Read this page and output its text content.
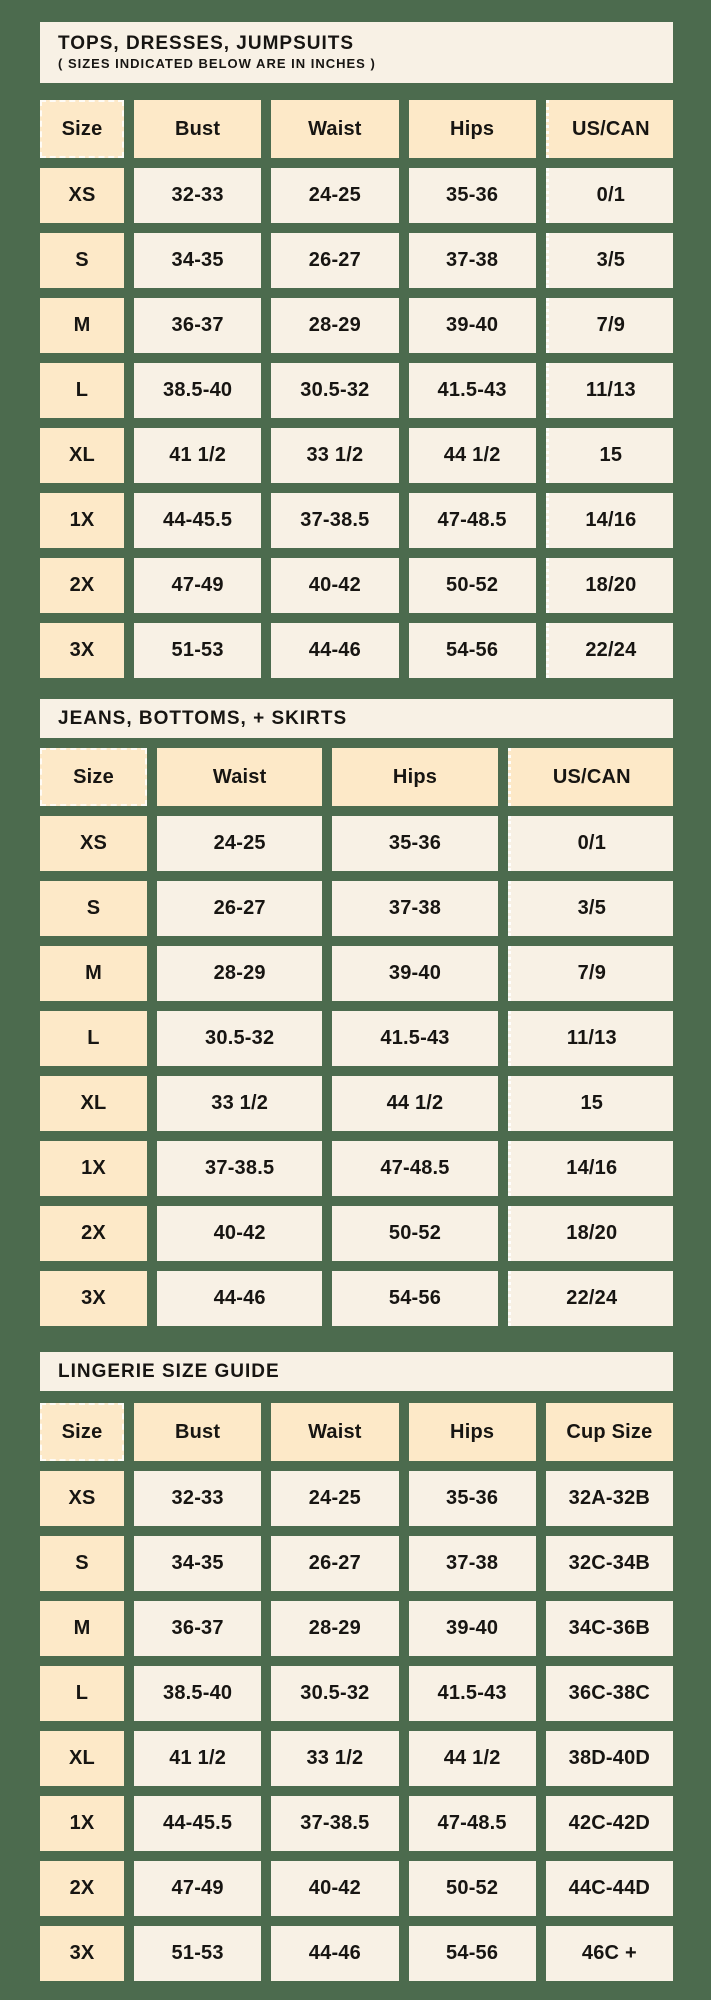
TOPS, DRESSES, JUMPSUITS
( SIZES INDICATED BELOW ARE IN INCHES )
Size	Bust	Waist	Hips	US/CAN
XS	32-33	24-25	35-36	0/1
S	34-35	26-27	37-38	3/5
M	36-37	28-29	39-40	7/9
L	38.5-40	30.5-32	41.5-43	11/13
XL	41 1/2	33 1/2	44 1/2	15
1X	44-45.5	37-38.5	47-48.5	14/16
2X	47-49	40-42	50-52	18/20
3X	51-53	44-46	54-56	22/24
JEANS, BOTTOMS, + SKIRTS
Size	Waist	Hips	US/CAN
XS	24-25	35-36	0/1
S	26-27	37-38	3/5
M	28-29	39-40	7/9
L	30.5-32	41.5-43	11/13
XL	33 1/2	44 1/2	15
1X	37-38.5	47-48.5	14/16
2X	40-42	50-52	18/20
3X	44-46	54-56	22/24
LINGERIE SIZE GUIDE
Size	Bust	Waist	Hips	Cup Size
XS	32-33	24-25	35-36	32A-32B
S	34-35	26-27	37-38	32C-34B
M	36-37	28-29	39-40	34C-36B
L	38.5-40	30.5-32	41.5-43	36C-38C
XL	41 1/2	33 1/2	44 1/2	38D-40D
1X	44-45.5	37-38.5	47-48.5	42C-42D
2X	47-49	40-42	50-52	44C-44D
3X	51-53	44-46	54-56	46C +
